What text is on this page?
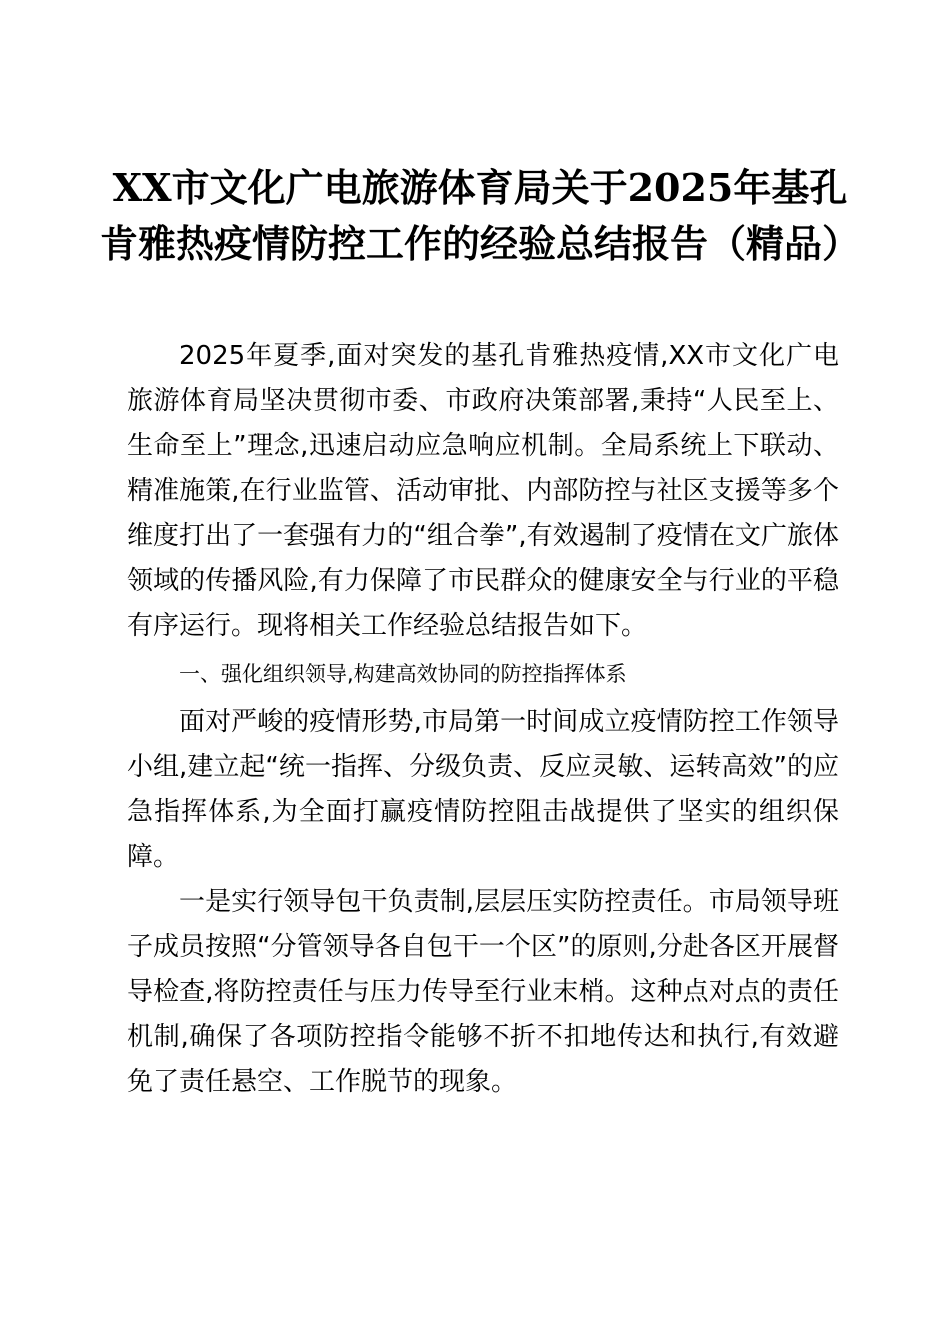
XX市文化广电旅游体育局关于2025年基孔肯雅热疫情防控工作的经验总结报告（精品）

2025年夏季,面对突发的基孔肯雅热疫情,XX市文化广电旅游体育局坚决贯彻市委、市政府决策部署,秉持“人民至上、生命至上”理念,迅速启动应急响应机制。全局系统上下联动、精准施策,在行业监管、活动审批、内部防控与社区支援等多个维度打出了一套强有力的“组合拳”,有效遏制了疫情在文广旅体领域的传播风险,有力保障了市民群众的健康安全与行业的平稳有序运行。现将相关工作经验总结报告如下。

一、强化组织领导,构建高效协同的防控指挥体系

面对严峻的疫情形势,市局第一时间成立疫情防控工作领导小组,建立起“统一指挥、分级负责、反应灵敏、运转高效”的应急指挥体系,为全面打赢疫情防控阻击战提供了坚实的组织保障。

一是实行领导包干负责制,层层压实防控责任。市局领导班子成员按照“分管领导各自包干一个区”的原则,分赴各区开展督导检查,将防控责任与压力传导至行业末梢。这种点对点的责任机制,确保了各项防控指令能够不折不扣地传达和执行,有效避免了责任悬空、工作脱节的现象。
